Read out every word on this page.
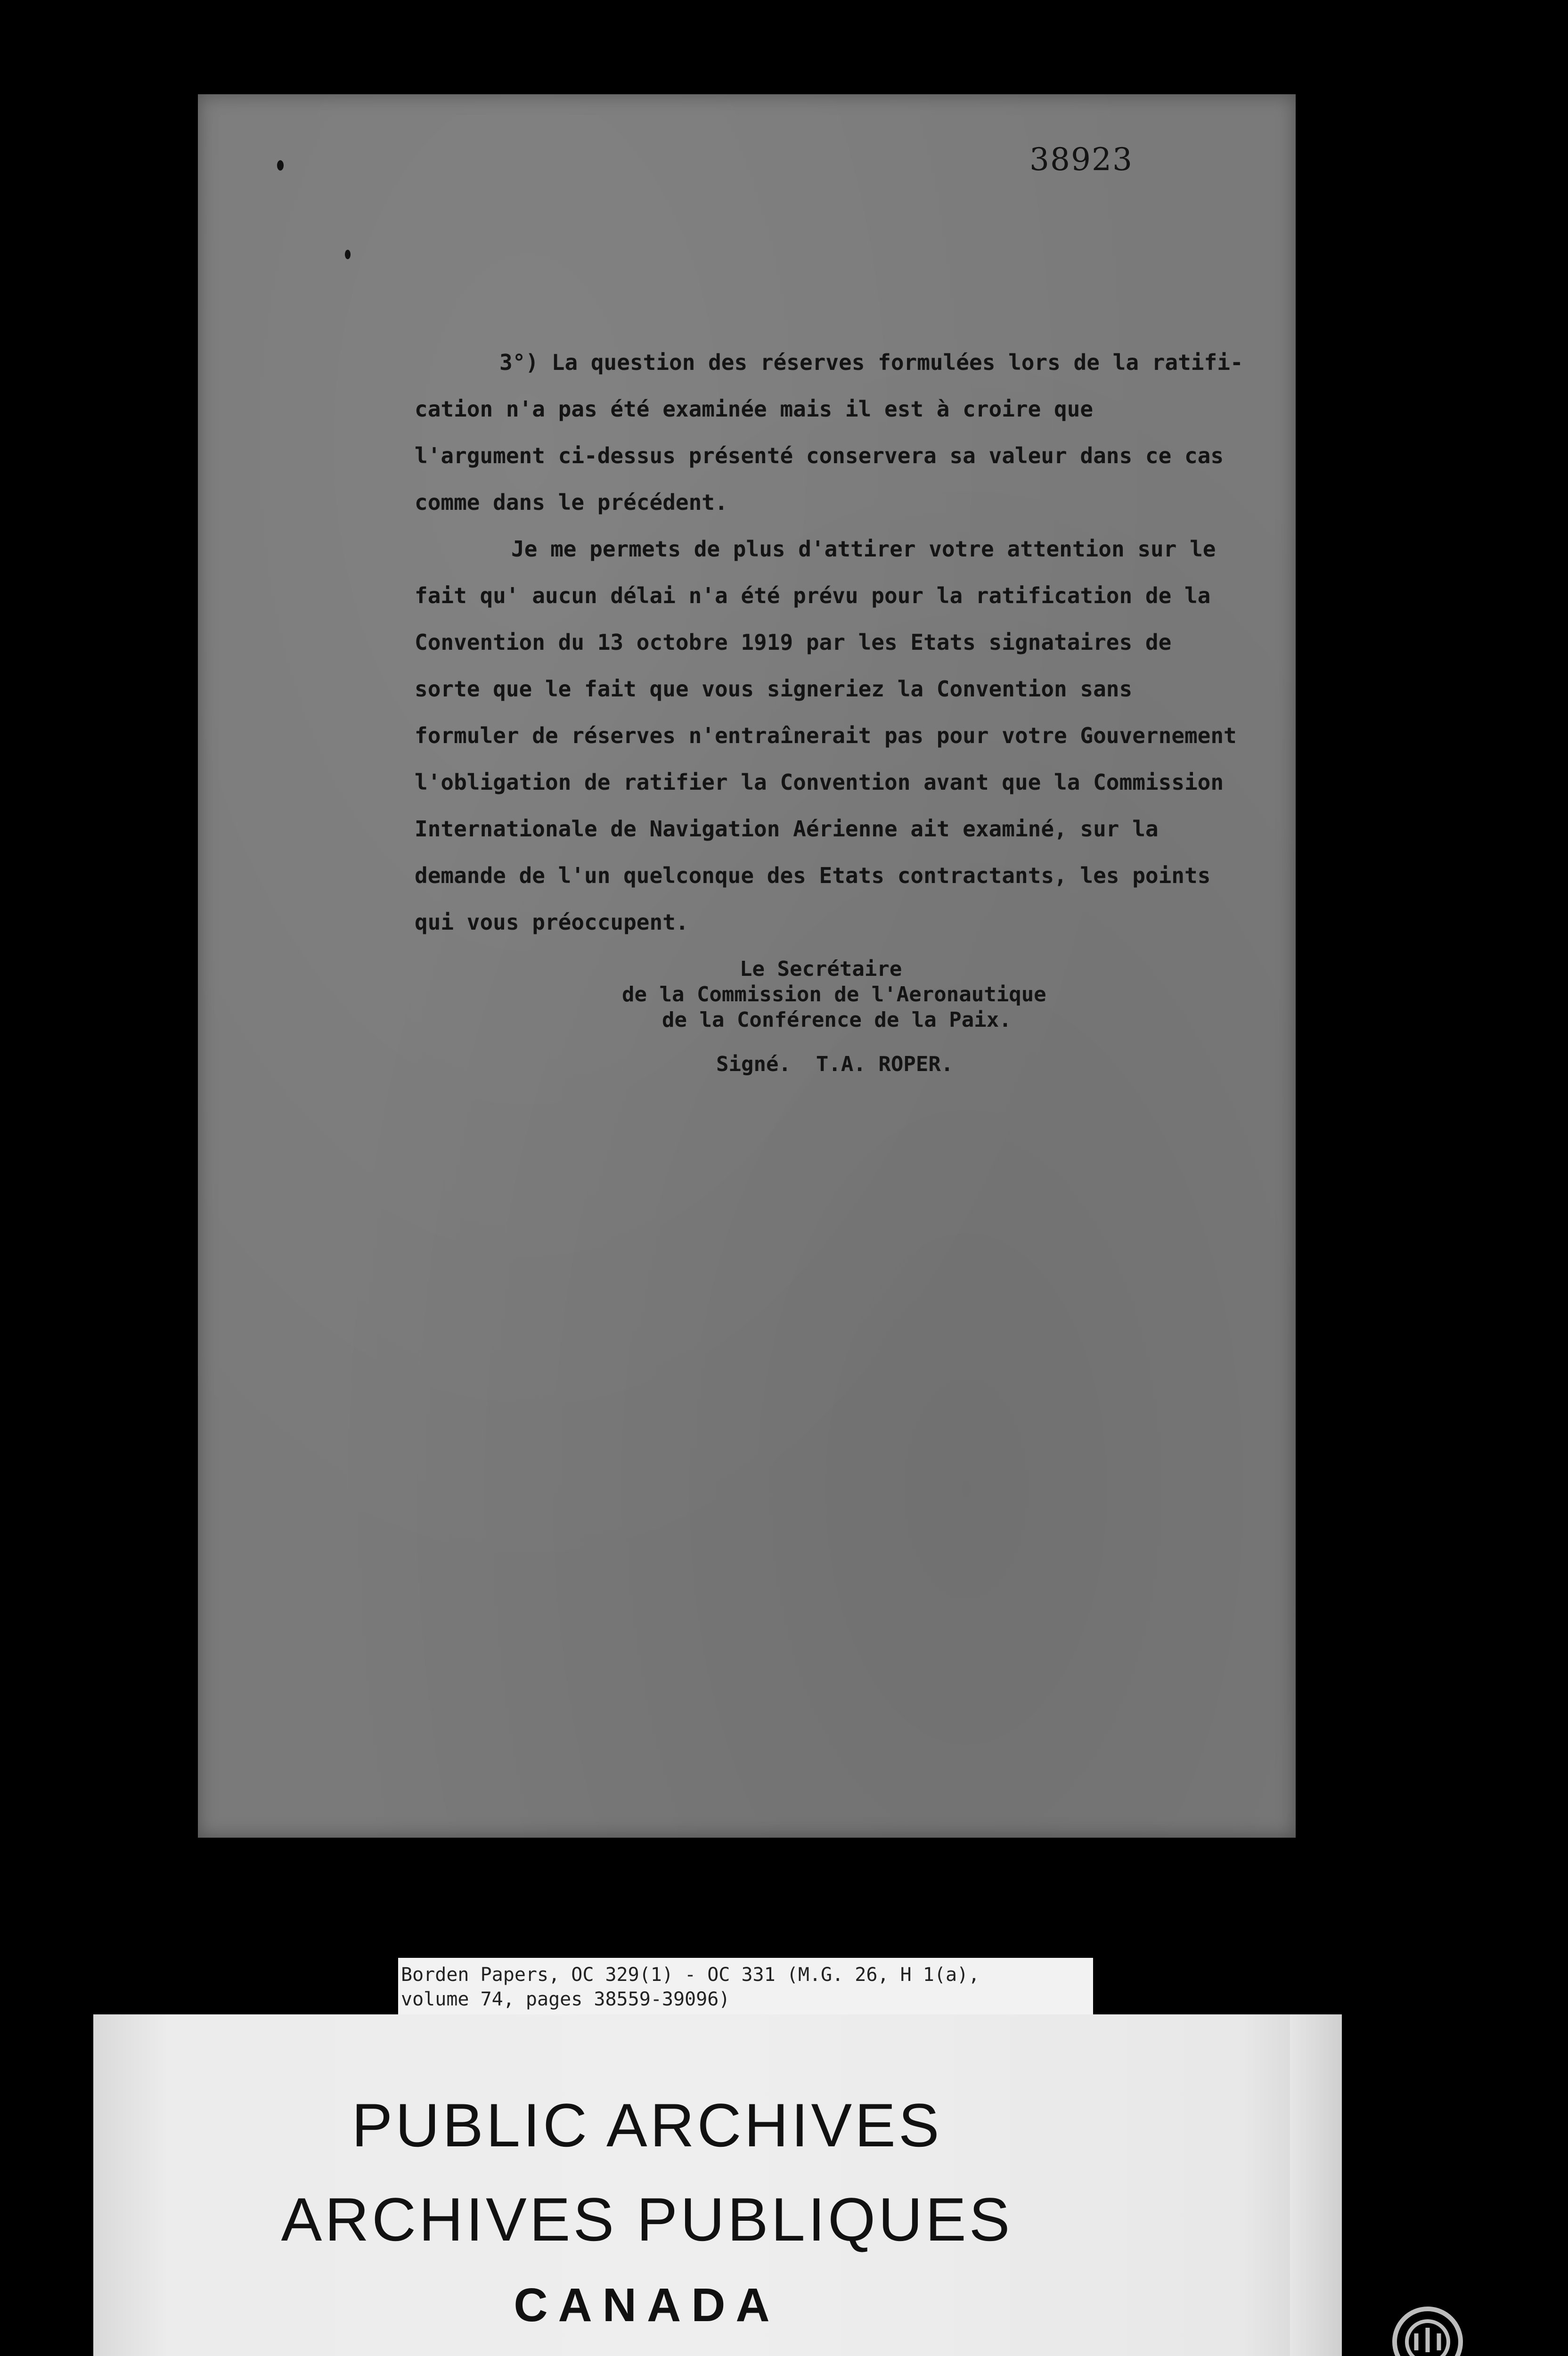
38923
3°) La question des réserves formulées lors de la ratifi-
cation n'a pas été examinée mais il est à croire que
l'argument ci-dessus présenté conservera sa valeur dans ce cas
comme dans le précédent.
Je me permets de plus d'attirer votre attention sur le
fait qu' aucun délai n'a été prévu pour la ratification de la
Convention du 13 octobre 1919 par les Etats signataires de
sorte que le fait que vous signeriez la Convention sans
formuler de réserves n'entraînerait pas pour votre Gouvernement
l'obligation de ratifier la Convention avant que la Commission
Internationale de Navigation Aérienne ait examiné, sur la
demande de l'un quelconque des Etats contractants, les points
qui vous préoccupent.
Le Secrétaire
de la Commission de l'Aeronautique
de la Conférence de la Paix.
Signé.  T.A. ROPER.
Borden Papers, OC 329(1) - OC 331 (M.G. 26, H 1(a),
volume 74, pages 38559-39096)
PUBLIC ARCHIVES
ARCHIVES PUBLIQUES
CANADA
